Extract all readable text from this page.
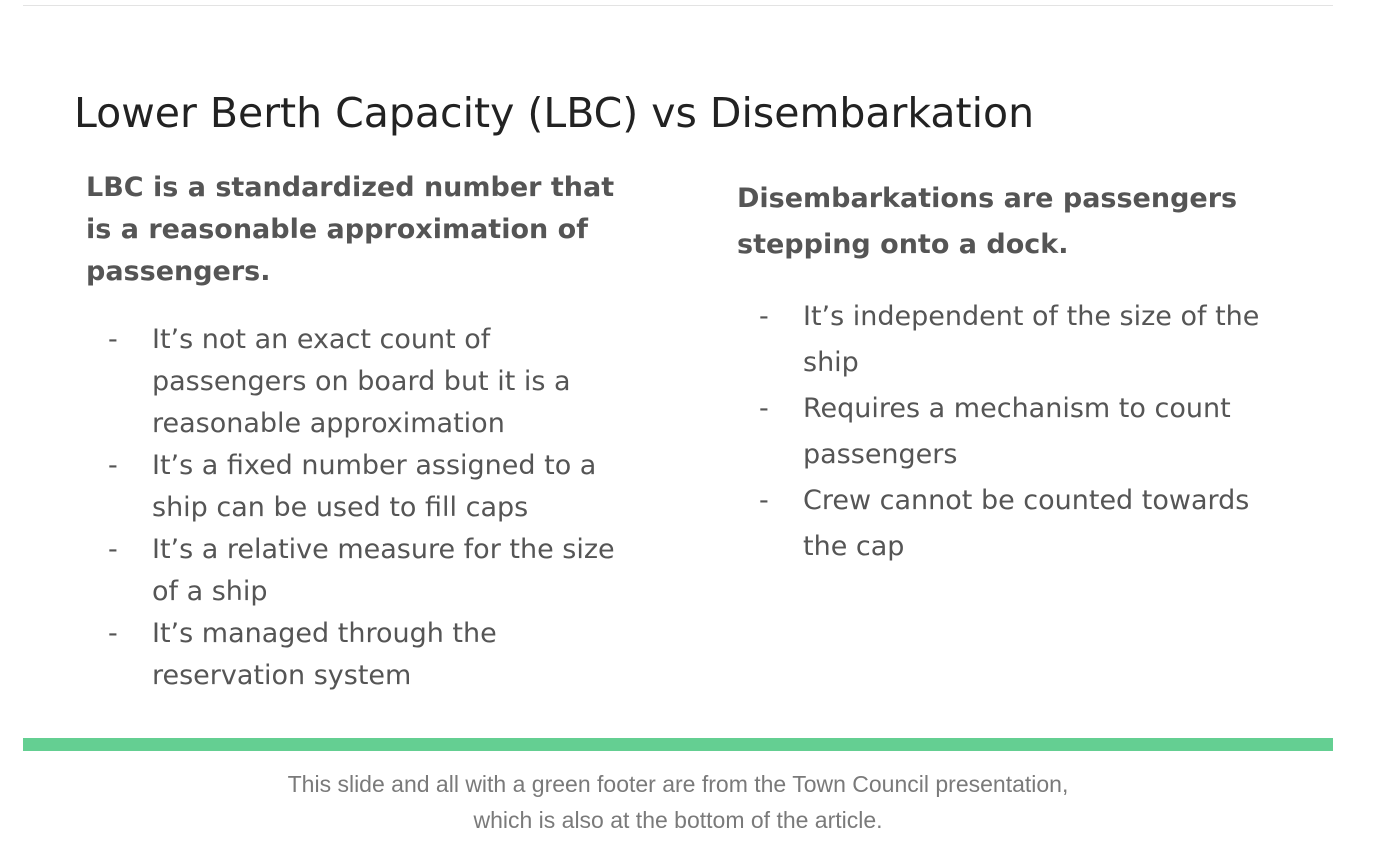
Lower Berth Capacity (LBC) vs Disembarkation

LBC is a standardized number that is a reasonable approximation of passengers.

- It’s not an exact count of passengers on board but it is a reasonable approximation
- It’s a fixed number assigned to a ship can be used to fill caps
- It’s a relative measure for the size of a ship
- It’s managed through the reservation system

Disembarkations are passengers stepping onto a dock.

- It’s independent of the size of the ship
- Requires a mechanism to count passengers
- Crew cannot be counted towards the cap
This slide and all with a green footer are from the Town Council presentation,
which is also at the bottom of the article.
